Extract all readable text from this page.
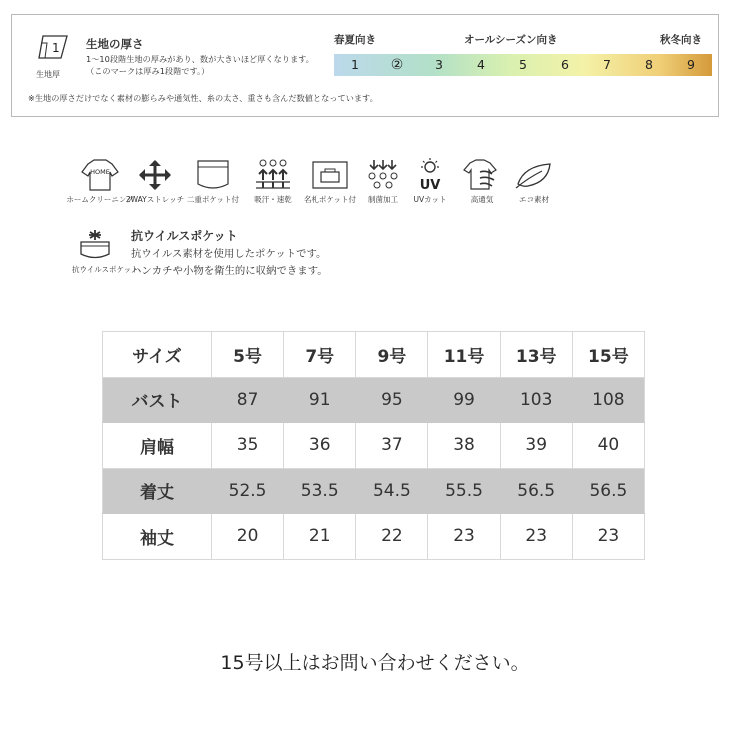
1
生地厚
生地の厚さ
1～10段階生地の厚みがあり、数が大きいほど厚くなります。
（このマークは厚み1段階です。）
※生地の厚さだけでなく素材の膨らみや通気性、糸の太さ、重さも含んだ数値となっています。
春夏向き	オールシーズン向き	秋冬向き
1	②	3	4	5	6	7	8	9
HOME
ホームクリーニング
2WAYストレッチ 二重ポケット付 吸汗・速乾 名札ポケット付 制菌加工
UV
UVカット	高通気	エコ素材
抗ウイルスポケット
抗ウイルスポケット
抗ウイルス素材を使用したポケットです。
ハンカチや小物を衛生的に収納できます。
サイズ	5号	7号	9号	11号	13号	15号
バスト	87	91	95	99	103	108
肩幅	35	36	37	38	39	40
着丈	52.5	53.5	54.5	55.5	56.5	56.5
袖丈	20	21	22	23	23	23
15号以上はお問い合わせください。
